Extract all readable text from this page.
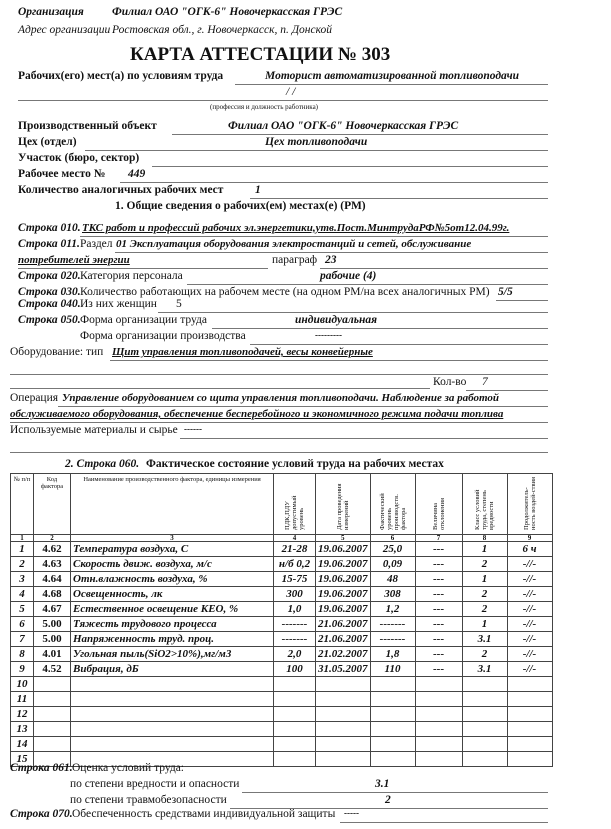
Организация Филиал ОАО "ОГК-6" Новочеркасская ГРЭС
Адрес организации Ростовская обл., г. Новочеркасск, п. Донской
КАРТА АТТЕСТАЦИИ № 303
Рабочих(его) мест(а) по условиям труда	Моторист автоматизированной топливоподачи
/ /
(профессия и должность работника)
Производственный объект	Филиал ОАО "ОГК-6" Новочеркасская ГРЭС
Цех (отдел)	Цех топливоподачи
Участок (бюро, сектор)
Рабочее место № 449
Количество аналогичных рабочих мест	1
1. Общие сведения о рабочих(ем) местах(е) (РМ)
Строка 010. ТКС работ и профессий рабочих эл.энергетики,утв.Пост.МинтрудаРФ№5от12.04.99г.
Строка 011. Раздел 01 Эксплуатация оборудования электростанций и сетей, обслуживание
потребителей энергии	параграф 23
Строка 020. Категория персонала	рабочие (4)
Строка 030. Количество работающих на рабочем месте (на одном РМ/на всех аналогичных РМ) 5/5
Строка 040. Из них женщин 5
Строка 050. Форма организации труда	индивидуальная
Форма организации производства	---------
Оборудование: тип Щит управления топливоподачей, весы конвейерные
Кол-во 7
Операция Управление оборудованием со щита управления топливоподачи. Наблюдение за работой
обслуживаемого оборудования, обеспечение бесперебойного и экономичного режима подачи топлива
Используемые материалы и сырье ------
2. Строка 060. Фактическое состояние условий труда на рабочих местах
№ п/п	Код фактора	Наименование производственного фактора, единицы измерения	ПДК,ПДУ допустимый уровень	Дата проведения измерений	Фактический уровень производств. фактора	Величина отклонения	Класс условий труда, степень вредности	Продолжитель-ность воздей-ствия

1	2	3	4	5	6	7	8	9
1	4.62	Температура воздуха, С	21-28	19.06.2007	25,0	---	1	6 ч
2	4.63	Скорость движ. воздуха, м/с	н/б 0,2	19.06.2007	0,09	---	2	-//-
3	4.64	Отн.влажность воздуха, %	15-75	19.06.2007	48	---	1	-//-
4	4.68	Освещенность, лк	300	19.06.2007	308	---	2	-//-
5	4.67	Естественное освещение КЕО, %	1,0	19.06.2007	1,2	---	2	-//-
6	5.00	Тяжесть трудового процесса	-------	21.06.2007	-------	---	1	-//-
7	5.00	Напряженность труд. проц.	-------	21.06.2007	-------	---	3.1	-//-
8	4.01	Угольная пыль(SiO2>10%),мг/м3	2,0	21.02.2007	1,8	---	2	-//-
9	4.52	Вибрация, дБ	100	31.05.2007	110	---	3.1	-//-
10								
11								
12								
13								
14								
15								
Строка 061. Оценка условий труда:
по степени вредности и опасности	3.1
по степени травмобезопасности	2
Строка 070. Обеспеченность средствами индивидуальной защиты -----
